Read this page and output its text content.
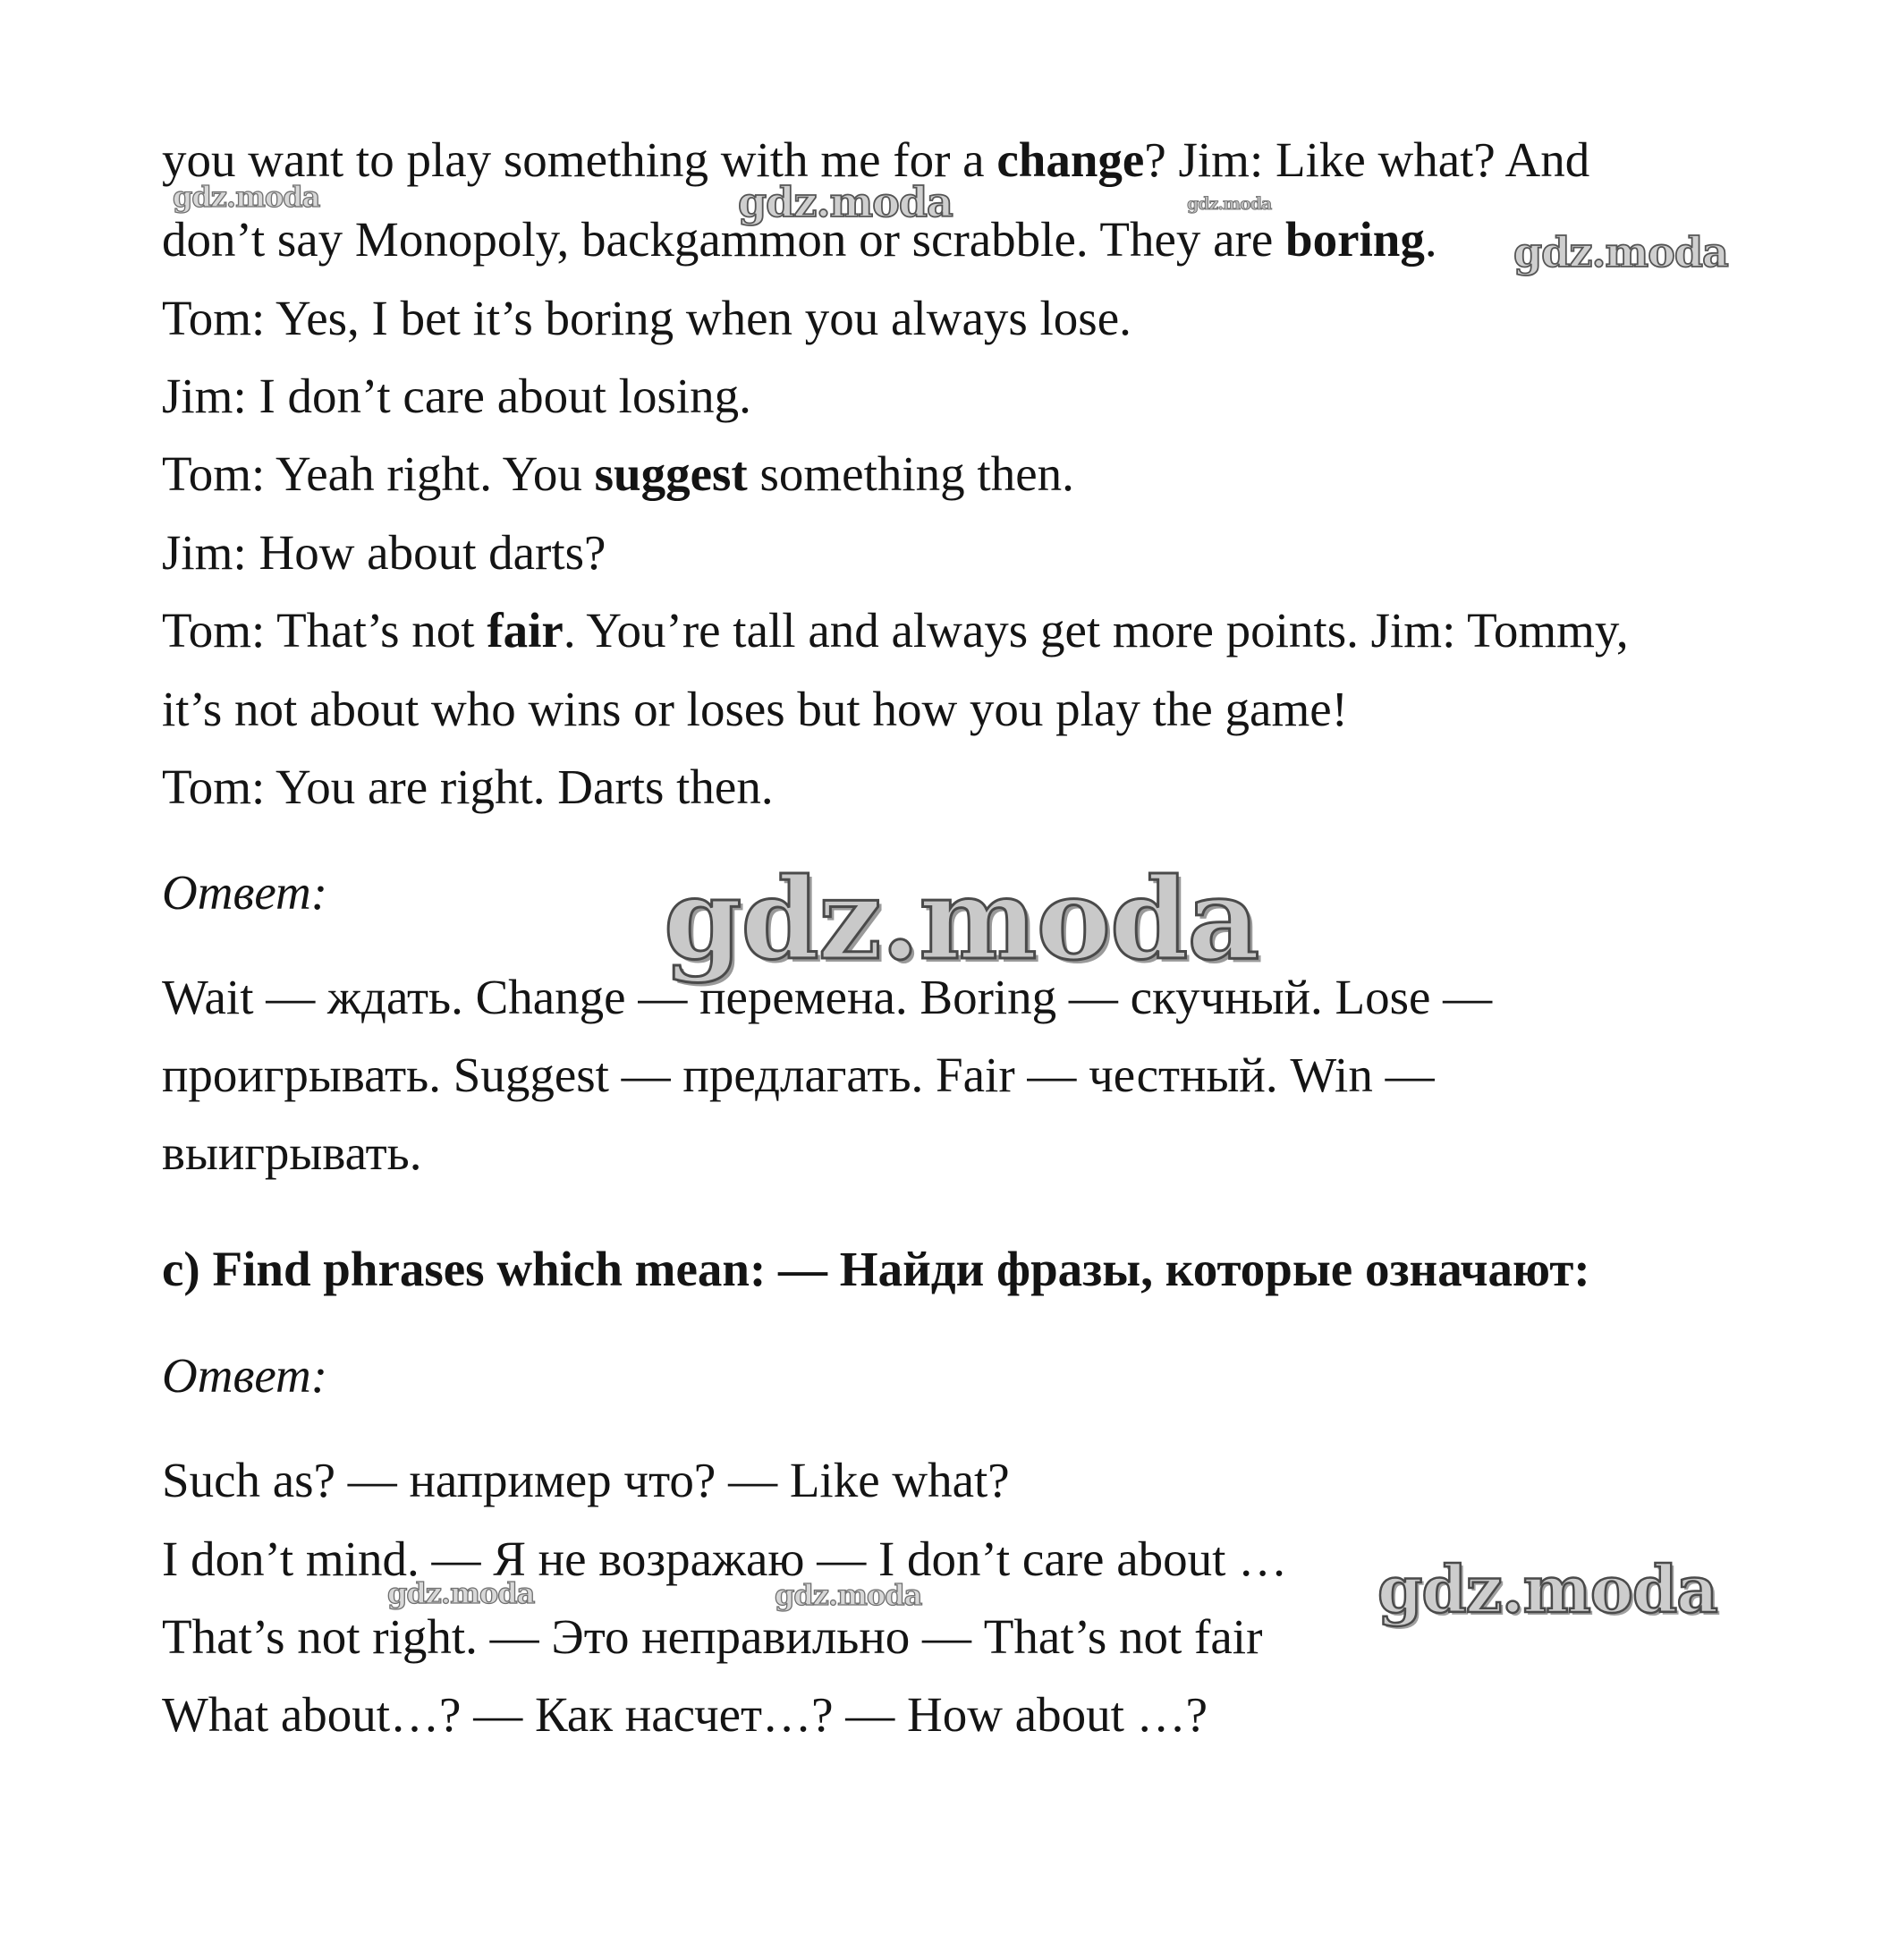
you want to play something with me for a change? Jim: Like what? And
don’t say Monopoly, backgammon or scrabble. They are boring.
Tom: Yes, I bet it’s boring when you always lose.
Jim: I don’t care about losing.
Tom: Yeah right. You suggest something then.
Jim: How about darts?
Tom: That’s not fair. You’re tall and always get more points. Jim: Tommy,
it’s not about who wins or loses but how you play the game!
Tom: You are right. Darts then.
Ответ:
Wait — ждать. Change — перемена. Boring — скучный. Lose —
проигрывать. Suggest — предлагать. Fair — честный. Win —
выигрывать.
с) Find phrases which mean: — Найди фразы, которые означают:
Ответ:
Such as? — например что? — Like what?
I don’t mind. — Я не возражаю — I don’t care about …
That’s not right. — Это неправильно — That’s not fair
What about…? — Как насчет…? — How about …?
gdz.moda	gdz.moda	gdz.moda
gdz.moda
gdz.moda
gdz.moda	gdz.moda	gdz.moda
